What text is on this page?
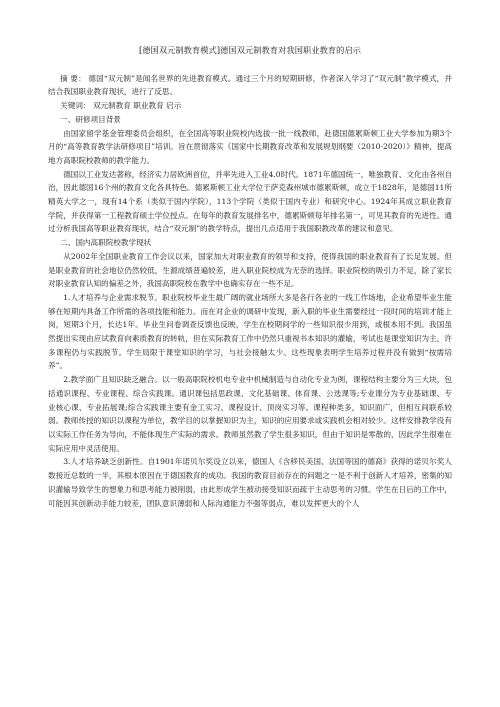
[德国双元制教育模式]德国双元制教育对我国职业教育的启示

摘 要： 德国“双元制”是闻名世界的先进教育模式。通过三个月的短期研修，作者深入学习了“双元制”教学模式，并结合我国职业教育现状，进行了反思。

关键词： 双元制教育 职业教育 启示

一、研修项目背景

由国家留学基金管理委员会组织，在全国高等职业院校内选拔一批一线教师，赴德国德累斯顿工业大学参加为期3个月的“高等教育教学法研修项目”培训。旨在贯彻落实《国家中长期教育改革和发展规划纲要（2010-2020）》精神，提高地方高职院校教师的教学能力。

德国以工业发达著称，经济实力居欧洲首位，并率先进入工业4.0时代。1871年德国统一，唯独教育、文化由各州自治，因此德国16个州的教育文化各具特色。德累斯顿工业大学位于萨克森州城市德累斯顿，成立于1828年，是德国11所精英大学之一，现有14个系（类似于国内学院），113个学院（类似于国内专业）和研究中心。1924年其成立职业教育学院，并获得第一工程教育硕士学位授点。在每年的教育发展排名中，德累斯顿每年排名第一，可见其教育的先进性。通过分析我国高等职业教育现状，结合“双元制”的教学特点，提出几点适用于我国职教改革的建议和意见。

二、国内高职院校教学现状

从2002年全国职业教育工作会议以来，国家加大对职业教育的领导和支持，使得我国的职业教育有了长足发展。但是职业教育的社会地位仍然较低，生源成绩普遍较差，进入职业院校成为无奈的选择。职业院校的吸引力不足，除了家长对职业教育认知的偏差之外，我国高职院校在教学中也确实存在一些不足。

1.人才培养与企业需求脱节。职业院校毕业生最广阔的就业场所大多是各行各业的一线工作场地，企业希望毕业生能够在短期内具备工作所需的各项技能和能力。而在对企业的调研中发现，新入职的毕业生需要经过一段时间的培训才能上岗，短期3个月，长达1年。毕业生问卷调查反馈也反映，学生在校期间学的一些知识很少用到，或根本用不到。我国虽然提出实现由应试教育向素质教育的转轨，但在实际教育工作中仍然只重视书本知识的灌输，考试也是课堂知识为主，许多课程仍与实践脱节。学生局限于课堂知识的学习，与社会接触太少。这些现象表明学生培养过程并没有做到“按需培养”。

2.教学面广且知识缺乏融合。以一般高职院校机电专业中机械制造与自动化专业为例，课程结构主要分为三大块，包括通识课程、专业课程、综合实践课。通识课包括思政课、文化基础课、体育课、公选课等;专业课分为专业基础课、专业核心课、专业拓展课;综合实践课主要有金工实习、课程设计、顶岗实习等。课程种类多，知识面广，但相互间联系较弱。教师传授的知识以课程为单位，教学目的以掌握知识为主，知识的应用要求或实践机会相对较少。这样安排教学没有以实际工作任务为导向，不能体现生产实际的需求。教师虽然教了学生很多知识，但由于知识是零散的，因此学生很难在实际应用中灵活使用。

3.人才培养缺乏创新性。自1901年诺贝尔奖设立以来，德国人《含移民美国、法国等国的德裔》获得的诺贝尔奖人数接近总数的一半，其根本原因在于德国教育的成功。我国的教育目前存在的问题之一是不利于创新人才培养，密集的知识灌输导致学生的想象力和思考能力被削弱，由此形成学生被动接受知识而疏于主动思考的习惯。学生在日后的工作中，可能因其创新动手能力较差，团队意识薄弱和人际沟通能力不强等弱点，难以发挥更大的个人
